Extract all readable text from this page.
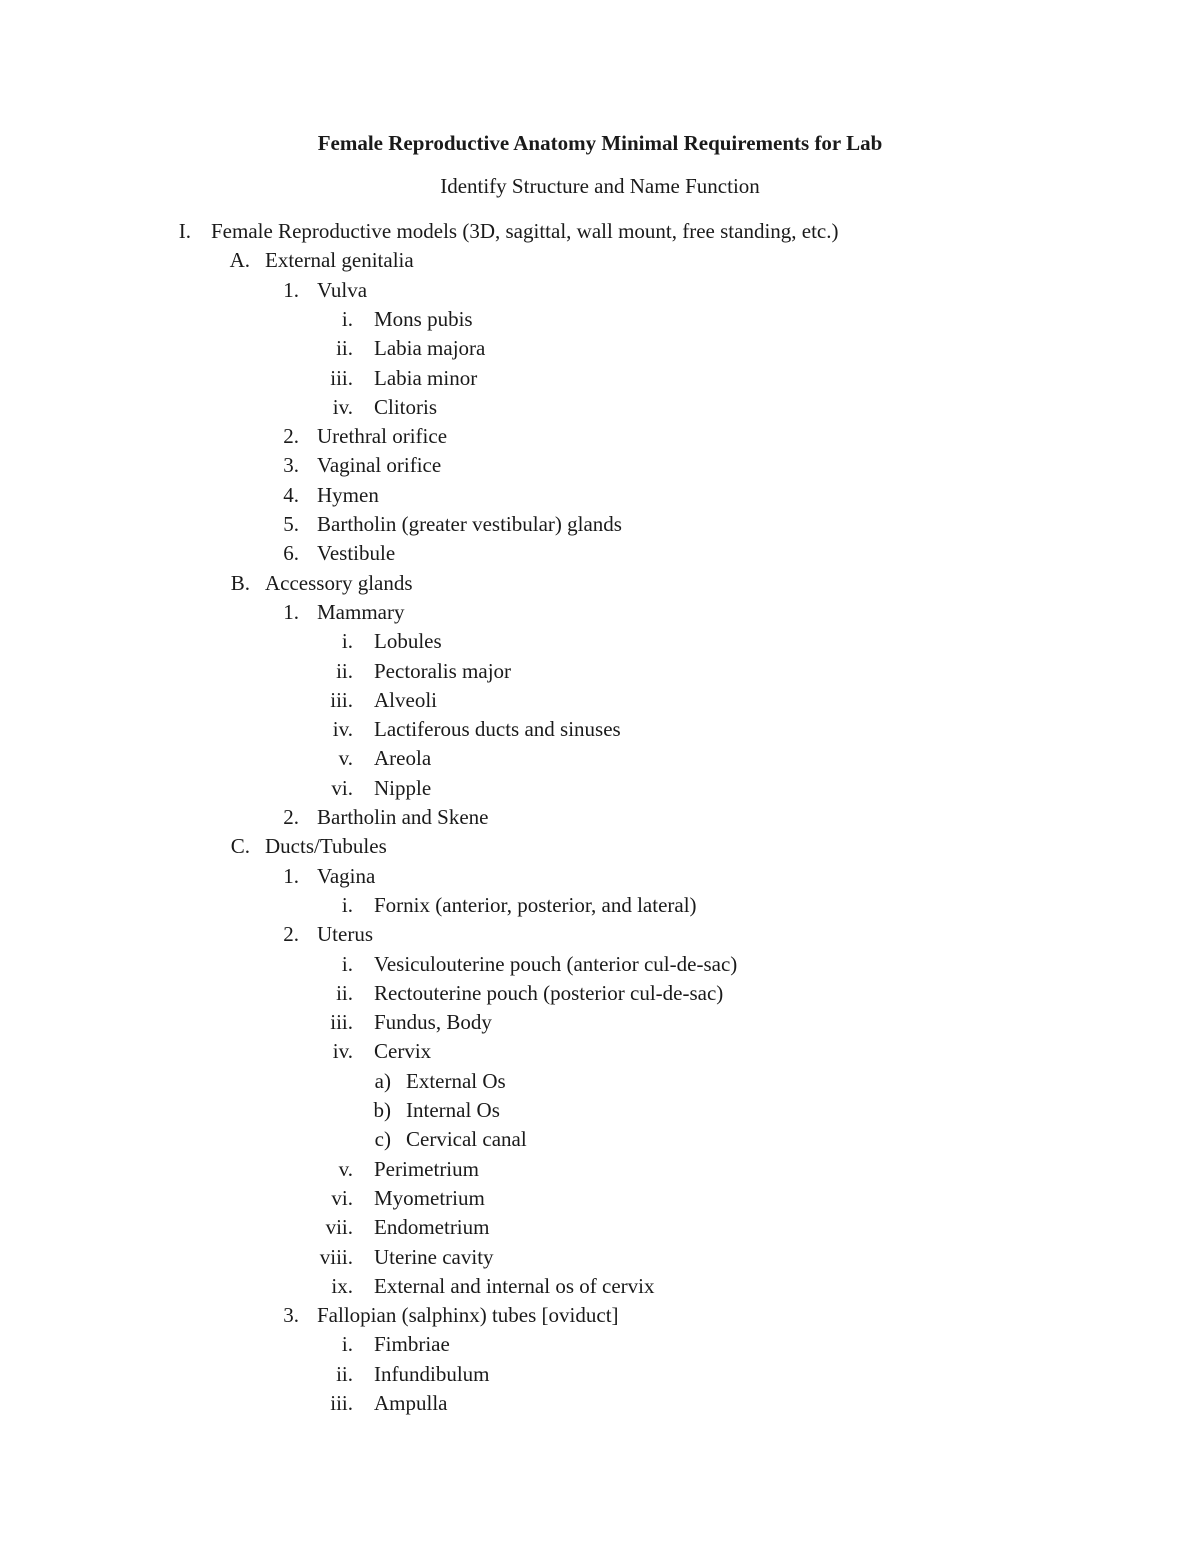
Female Reproductive Anatomy Minimal Requirements for Lab
Identify Structure and Name Function
I. Female Reproductive models (3D, sagittal, wall mount, free standing, etc.)
A. External genitalia
1. Vulva
i. Mons pubis
ii. Labia majora
iii. Labia minor
iv. Clitoris
2. Urethral orifice
3. Vaginal orifice
4. Hymen
5. Bartholin (greater vestibular) glands
6. Vestibule
B. Accessory glands
1. Mammary
i. Lobules
ii. Pectoralis major
iii. Alveoli
iv. Lactiferous ducts and sinuses
v. Areola
vi. Nipple
2. Bartholin and Skene
C. Ducts/Tubules
1. Vagina
i. Fornix (anterior, posterior, and lateral)
2. Uterus
i. Vesiculouterine pouch (anterior cul-de-sac)
ii. Rectouterine pouch (posterior cul-de-sac)
iii. Fundus, Body
iv. Cervix
a) External Os
b) Internal Os
c) Cervical canal
v. Perimetrium
vi. Myometrium
vii. Endometrium
viii. Uterine cavity
ix. External and internal os of cervix
3. Fallopian (salphinx) tubes [oviduct]
i. Fimbriae
ii. Infundibulum
iii. Ampulla
